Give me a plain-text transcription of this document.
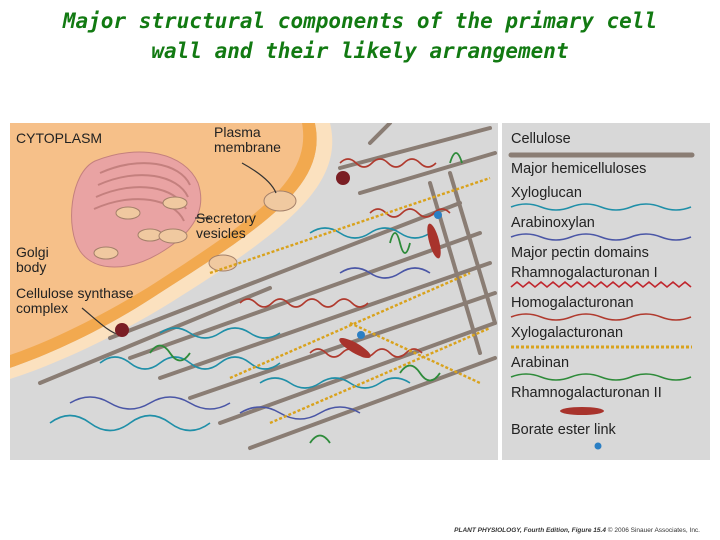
Major structural components of the primary cell
wall and their likely arrangement
CYTOPLASM	Plasma
membrane
Secretory
vesicles
Golgi
body
Cellulose synthase
complex
Cellulose
Major hemicelluloses
Xyloglucan
Arabinoxylan
Major pectin domains
Rhamnogalacturonan I
Homogalacturonan
Xylogalacturonan
Arabinan
Rhamnogalacturonan II
Borate ester link
PLANT PHYSIOLOGY, Fourth Edition, Figure 15.4 © 2006 Sinauer Associates, Inc.
